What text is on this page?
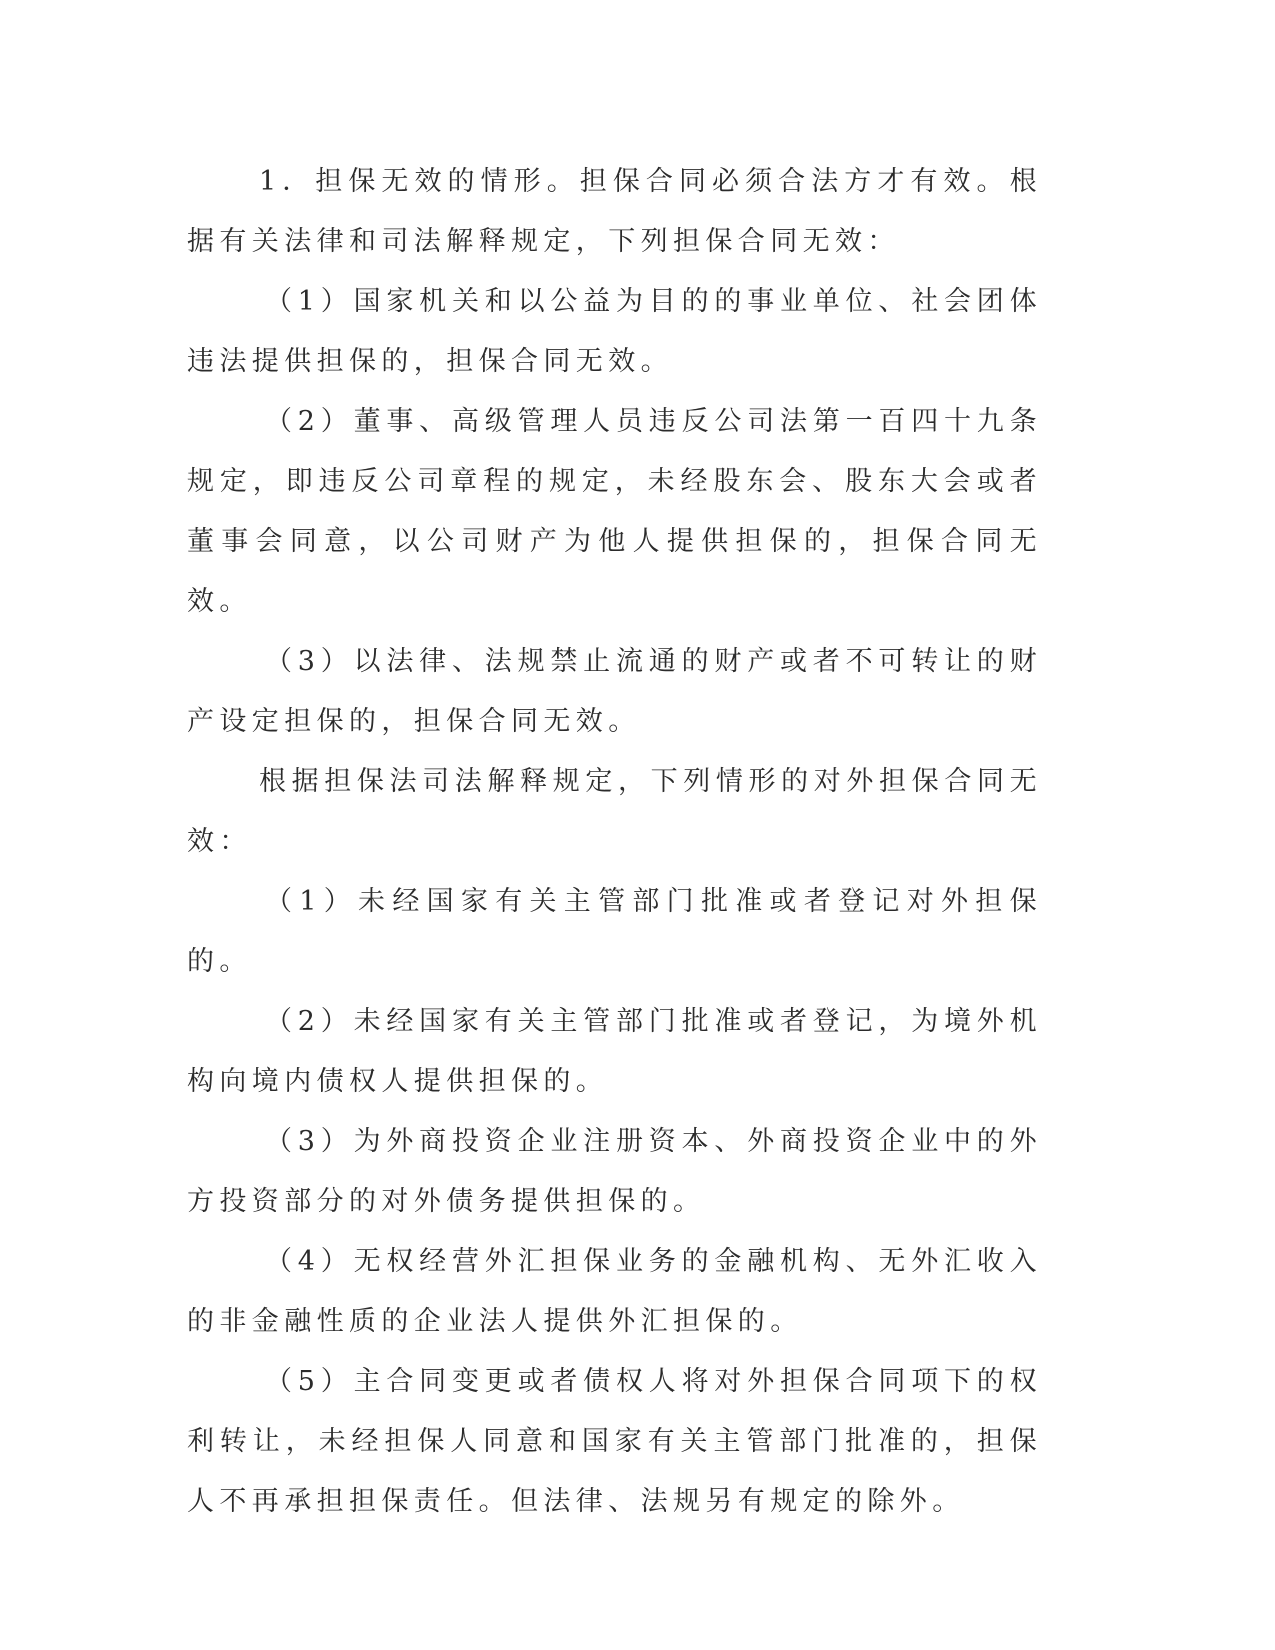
1．担保无效的情形。担保合同必须合法方才有效。根据有关法律和司法解释规定，下列担保合同无效：

（1）国家机关和以公益为目的的事业单位、社会团体违法提供担保的，担保合同无效。

（2）董事、高级管理人员违反公司法第一百四十九条规定，即违反公司章程的规定，未经股东会、股东大会或者董事会同意，以公司财产为他人提供担保的，担保合同无效。

（3）以法律、法规禁止流通的财产或者不可转让的财产设定担保的，担保合同无效。

根据担保法司法解释规定，下列情形的对外担保合同无效：

（1）未经国家有关主管部门批准或者登记对外担保的。

（2）未经国家有关主管部门批准或者登记，为境外机构向境内债权人提供担保的。

（3）为外商投资企业注册资本、外商投资企业中的外方投资部分的对外债务提供担保的。

（4）无权经营外汇担保业务的金融机构、无外汇收入的非金融性质的企业法人提供外汇担保的。

（5）主合同变更或者债权人将对外担保合同项下的权利转让，未经担保人同意和国家有关主管部门批准的，担保人不再承担担保责任。但法律、法规另有规定的除外。
